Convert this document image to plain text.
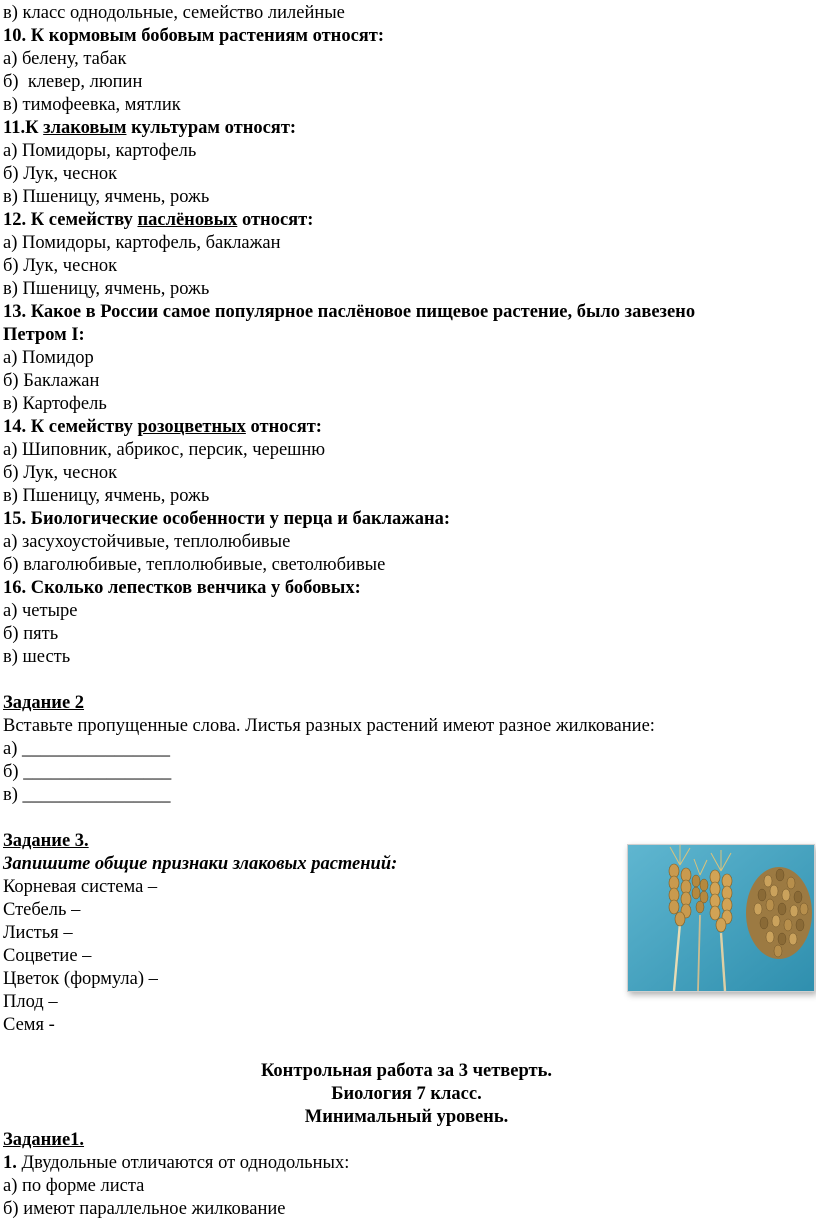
в) класс однодольные, семейство лилейные
10. К кормовым бобовым растениям относят:
а) белену, табак
б)  клевер, люпин
в) тимофеевка, мятлик
11.К злаковым культурам относят:
а) Помидоры, картофель
б) Лук, чеснок
в) Пшеницу, ячмень, рожь
12. К семейству паслёновых относят:
а) Помидоры, картофель, баклажан
б) Лук, чеснок
в) Пшеницу, ячмень, рожь
13. Какое в России самое популярное паслёновое пищевое растение, было завезено
Петром I:
а) Помидор
б) Баклажан
в) Картофель
14. К семейству розоцветных относят:
а) Шиповник, абрикос, персик, черешню
б) Лук, чеснок
в) Пшеницу, ячмень, рожь
15. Биологические особенности у перца и баклажана:
а) засухоустойчивые, теплолюбивые
б) влаголюбивые, теплолюбивые, светолюбивые
16. Сколько лепестков венчика у бобовых:
а) четыре
б) пять
в) шесть
Задание 2
Вставьте пропущенные слова. Листья разных растений имеют разное жилкование:
а) ________________
б) ________________
в) ________________
Задание 3.
Запишите общие признаки злаковых растений:
Корневая система –
Стебель –
Листья –
Соцветие –
Цветок (формула) –
Плод –
Семя -
Контрольная работа за 3 четверть.
Биология 7 класс.
Минимальный уровень.
Задание1.
1. Двудольные отличаются от однодольных:
а) по форме листа
б) имеют параллельное жилкование
